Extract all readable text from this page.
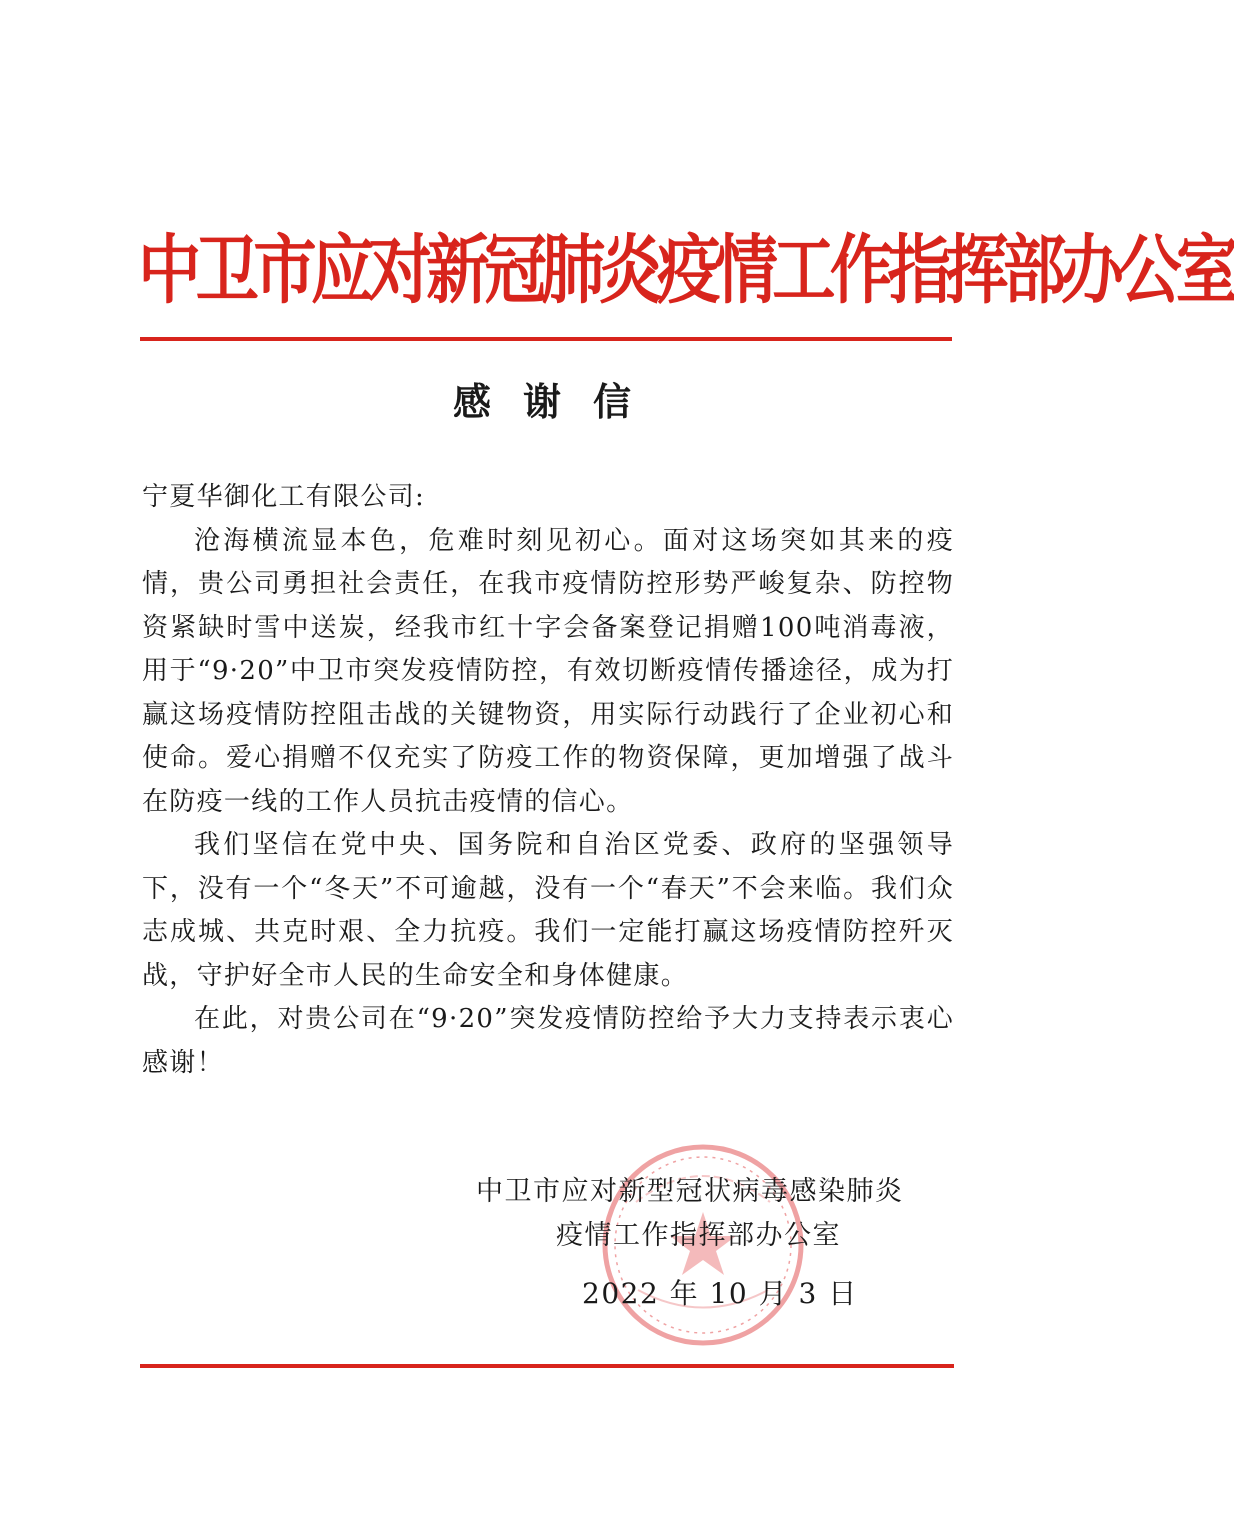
中卫市应对新冠肺炎疫情工作指挥部办公室
感谢信

宁夏华御化工有限公司:

沧海横流显本色，危难时刻见初心。面对这场突如其来的疫情，贵公司勇担社会责任，在我市疫情防控形势严峻复杂、防控物资紧缺时雪中送炭，经我市红十字会备案登记捐赠100吨消毒液，用于“9·20”中卫市突发疫情防控，有效切断疫情传播途径，成为打赢这场疫情防控阻击战的关键物资，用实际行动践行了企业初心和使命。爱心捐赠不仅充实了防疫工作的物资保障，更加增强了战斗在防疫一线的工作人员抗击疫情的信心。

我们坚信在党中央、国务院和自治区党委、政府的坚强领导下，没有一个“冬天”不可逾越，没有一个“春天”不会来临。我们众志成城、共克时艰、全力抗疫。我们一定能打赢这场疫情防控歼灭战，守护好全市人民的生命安全和身体健康。

在此，对贵公司在“9·20”突发疫情防控给予大力支持表示衷心感谢！

中卫市应对新型冠状病毒感染肺炎
疫情工作指挥部办公室
2022 年 10 月 3 日
